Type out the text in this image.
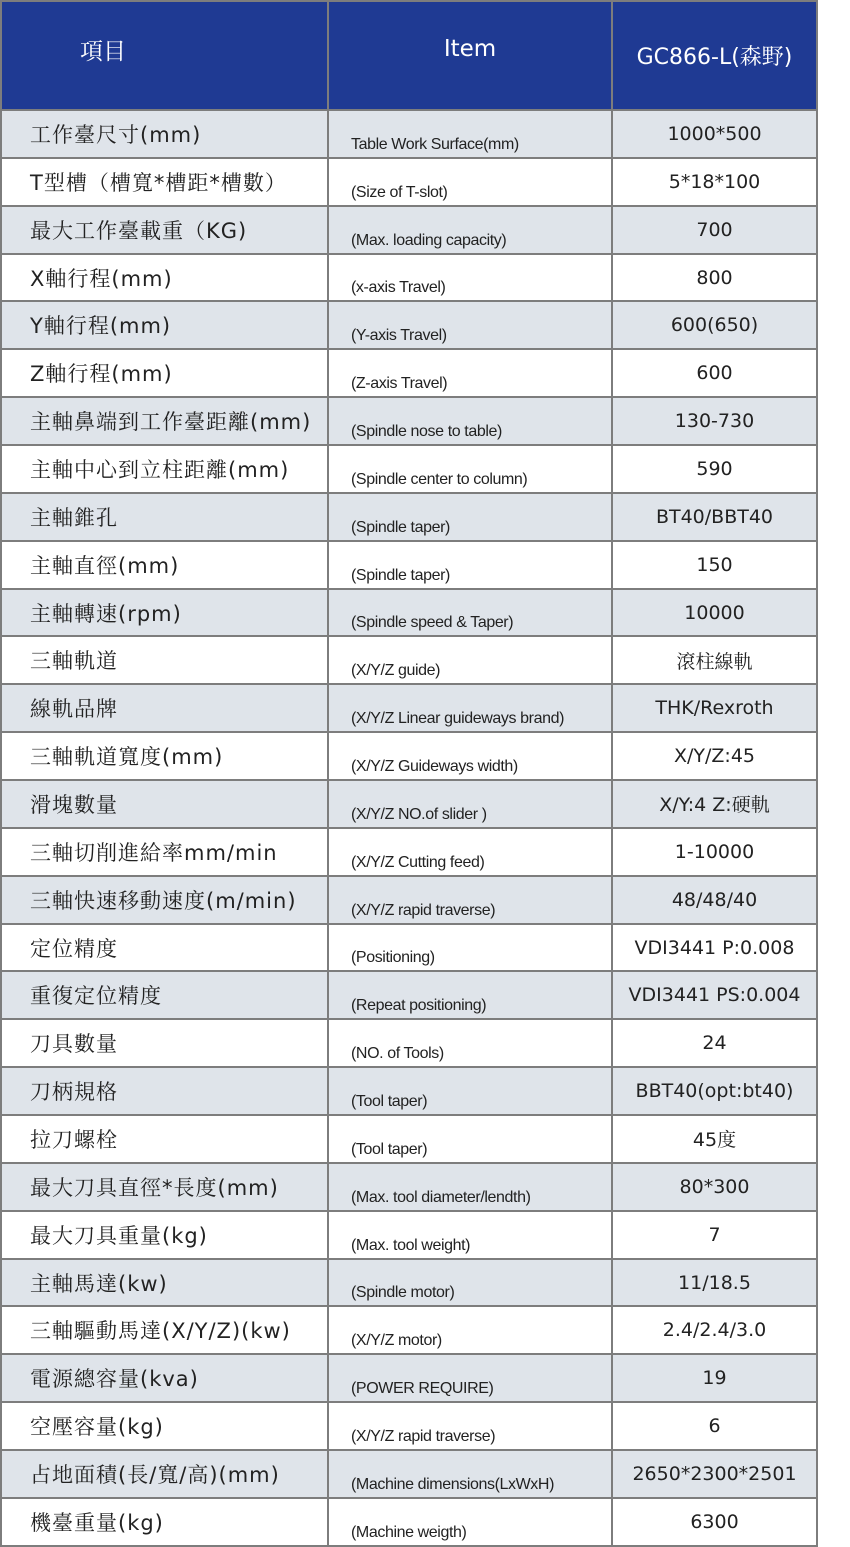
項目	Item	GC866-L(森野)
工作臺尺寸(mm)	Table Work Surface(mm)	1000*500
T型槽（槽寬*槽距*槽數）	(Size of T-slot)	5*18*100
最大工作臺載重（KG)	(Max. loading capacity)	700
X軸行程(mm)	(x-axis Travel)	800
Y軸行程(mm)	(Y-axis Travel)	600(650)
Z軸行程(mm)	(Z-axis Travel)	600
主軸鼻端到工作臺距離(mm)	(Spindle nose to table)	130-730
主軸中心到立柱距離(mm)	(Spindle center to column)	590
主軸錐孔	(Spindle taper)	BT40/BBT40
主軸直徑(mm)	(Spindle taper)	150
主軸轉速(rpm)	(Spindle speed & Taper)	10000
三軸軌道	(X/Y/Z guide)	滾柱線軌
線軌品牌	(X/Y/Z Linear guideways brand)	THK/Rexroth
三軸軌道寬度(mm)	(X/Y/Z Guideways width)	X/Y/Z:45
滑塊數量	(X/Y/Z NO.of slider )	X/Y:4 Z:硬軌
三軸切削進給率mm/min	(X/Y/Z Cutting feed)	1-10000
三軸快速移動速度(m/min)	(X/Y/Z rapid traverse)	48/48/40
定位精度	(Positioning)	VDI3441 P:0.008
重復定位精度	(Repeat positioning)	VDI3441 PS:0.004
刀具數量	(NO. of Tools)	24
刀柄規格	(Tool taper)	BBT40(opt:bt40)
拉刀螺栓	(Tool taper)	45度
最大刀具直徑*長度(mm)	(Max. tool diameter/lendth)	80*300
最大刀具重量(kg)	(Max. tool weight)	7
主軸馬達(kw)	(Spindle motor)	11/18.5
三軸驅動馬達(X/Y/Z)(kw)	(X/Y/Z motor)	2.4/2.4/3.0
電源總容量(kva)	(POWER REQUIRE)	19
空壓容量(kg)	(X/Y/Z rapid traverse)	6
占地面積(長/寬/高)(mm)	(Machine dimensions(LxWxH)	2650*2300*2501
機臺重量(kg)	(Machine weigth)	6300
